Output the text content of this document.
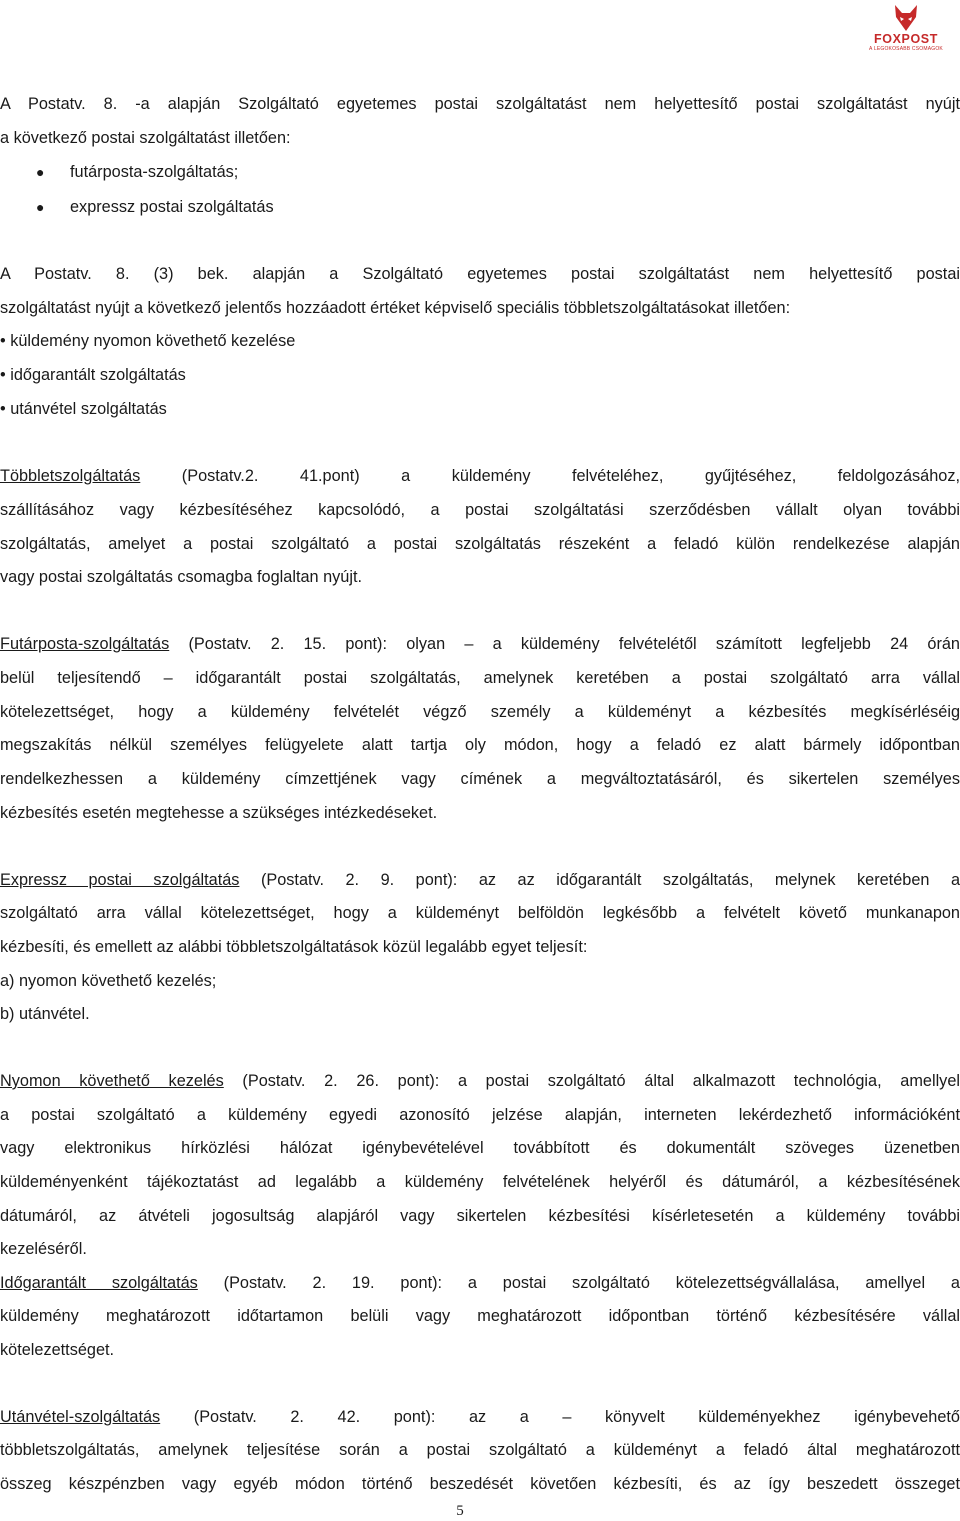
FOXPOST
A LEGOKOSABB CSOMAGOK
A Postatv. 8. -a alapján Szolgáltató egyetemes postai szolgáltatást nem helyettesítő postai szolgáltatást nyújt
a következő postai szolgáltatást illetően:
● futárposta-szolgáltatás;
● expressz postai szolgáltatás
A Postatv. 8. (3) bek. alapján a Szolgáltató egyetemes postai szolgáltatást nem helyettesítő postai
szolgáltatást nyújt a következő jelentős hozzáadott értéket képviselő speciális többletszolgáltatásokat illetően:
• küldemény nyomon követhető kezelése
• időgarantált szolgáltatás
• utánvétel szolgáltatás
Többletszolgáltatás (Postatv.2. 41.pont) a küldemény felvételéhez, gyűjtéséhez, feldolgozásához,
szállításához vagy kézbesítéséhez kapcsolódó, a postai szolgáltatási szerződésben vállalt olyan további
szolgáltatás, amelyet a postai szolgáltató a postai szolgáltatás részeként a feladó külön rendelkezése alapján
vagy postai szolgáltatás csomagba foglaltan nyújt.
Futárposta-szolgáltatás (Postatv. 2. 15. pont): olyan – a küldemény felvételétől számított legfeljebb 24 órán
belül teljesítendő – időgarantált postai szolgáltatás, amelynek keretében a postai szolgáltató arra vállal
kötelezettséget, hogy a küldemény felvételét végző személy a küldeményt a kézbesítés megkísérléséig
megszakítás nélkül személyes felügyelete alatt tartja oly módon, hogy a feladó ez alatt bármely időpontban
rendelkezhessen a küldemény címzettjének vagy címének a megváltoztatásáról, és sikertelen személyes
kézbesítés esetén megtehesse a szükséges intézkedéseket.
Expressz postai szolgáltatás (Postatv. 2. 9. pont): az az időgarantált szolgáltatás, melynek keretében a
szolgáltató arra vállal kötelezettséget, hogy a küldeményt belföldön legkésőbb a felvételt követő munkanapon
kézbesíti, és emellett az alábbi többletszolgáltatások közül legalább egyet teljesít:
a) nyomon követhető kezelés;
b) utánvétel.
Nyomon követhető kezelés (Postatv. 2. 26. pont): a postai szolgáltató által alkalmazott technológia, amellyel
a postai szolgáltató a küldemény egyedi azonosító jelzése alapján, interneten lekérdezhető információként
vagy elektronikus hírközlési hálózat igénybevételével továbbított és dokumentált szöveges üzenetben
küldeményenként tájékoztatást ad legalább a küldemény felvételének helyéről és dátumáról, a kézbesítésének
dátumáról, az átvételi jogosultság alapjáról vagy sikertelen kézbesítési kísérletesetén a küldemény további
kezeléséről.
Időgarantált szolgáltatás (Postatv. 2. 19. pont): a postai szolgáltató kötelezettségvállalása, amellyel a
küldemény meghatározott időtartamon belüli vagy meghatározott időpontban történő kézbesítésére vállal
kötelezettséget.
Utánvétel-szolgáltatás (Postatv. 2. 42. pont): az a – könyvelt küldeményekhez igénybevehető
többletszolgáltatás, amelynek teljesítése során a postai szolgáltató a küldeményt a feladó által meghatározott
összeg készpénzben vagy egyéb módon történő beszedését követően kézbesíti, és az így beszedett összeget
5
